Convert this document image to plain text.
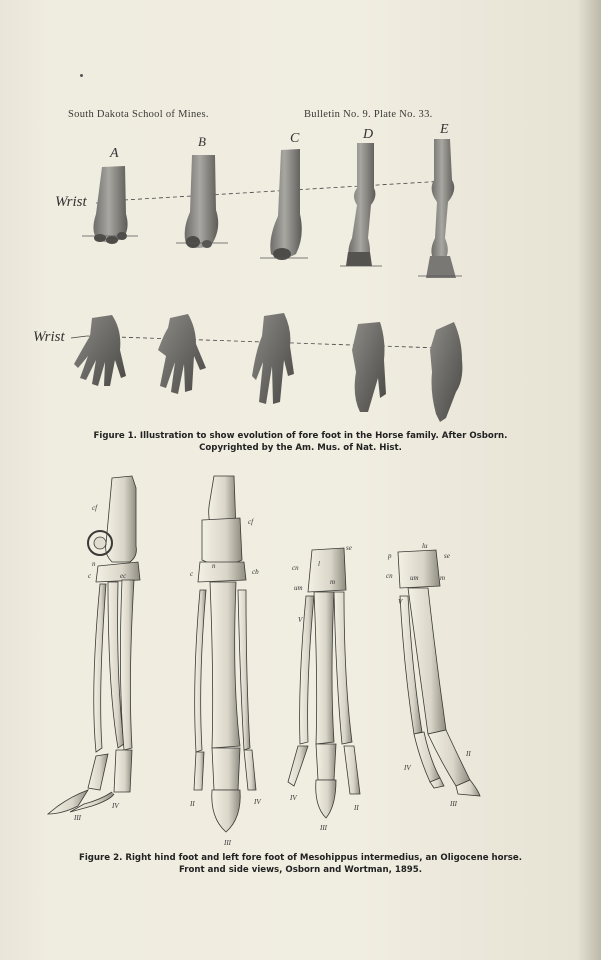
South Dakota School of Mines.	Bulletin No. 9. Plate No. 33.
A
B	C	D	E
Wrist
Wrist
cf
n
c	ec
III
IV
cf
n
c	cb
II	IV
III
se
cn	l
m
um
V
IV
II
III
lu
se
p
cn um	m
V
IV
II
III
Figure 1. Illustration to show evolution of fore foot in the Horse family. After Osborn.
Copyrighted by the Am. Mus. of Nat. Hist.
Figure 2. Right hind foot and left fore foot of Mesohippus intermedius, an Oligocene horse.
Front and side views, Osborn and Wortman, 1895.
